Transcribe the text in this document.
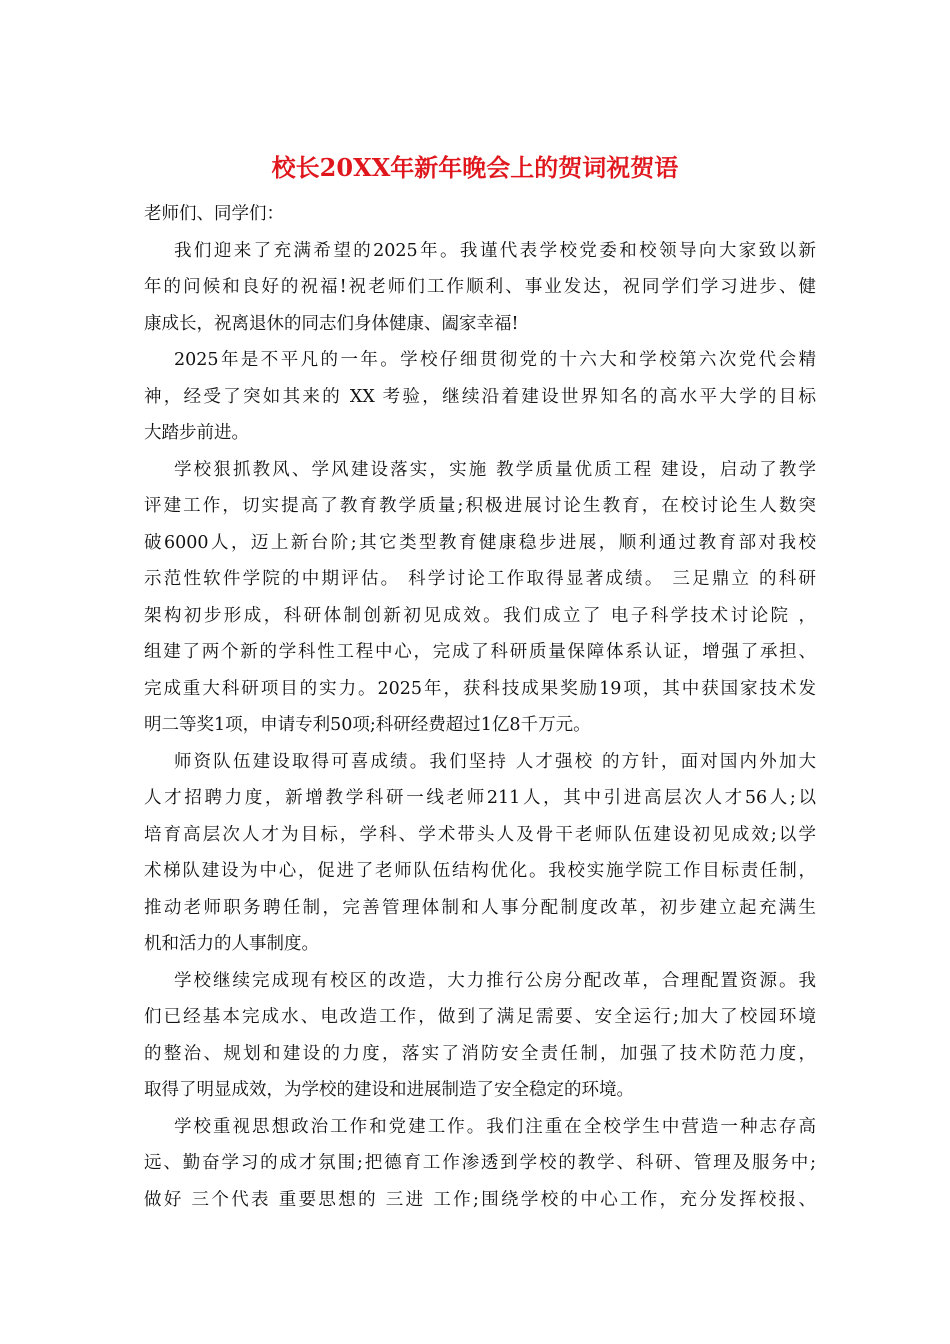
校长20XX年新年晚会上的贺词祝贺语
老师们、同学们：
我们迎来了充满希望的2025年。我谨代表学校党委和校领导向大家致以新
年的问候和良好的祝福!祝老师们工作顺利、事业发达，祝同学们学习进步、健
康成长，祝离退休的同志们身体健康、阖家幸福!
2025年是不平凡的一年。学校仔细贯彻党的十六大和学校第六次党代会精
神，经受了突如其来的 XX 考验，继续沿着建设世界知名的高水平大学的目标
大踏步前进。
学校狠抓教风、学风建设落实，实施 教学质量优质工程 建设，启动了教学
评建工作，切实提高了教育教学质量;积极进展讨论生教育，在校讨论生人数突
破6000人，迈上新台阶;其它类型教育健康稳步进展，顺利通过教育部对我校
示范性软件学院的中期评估。 科学讨论工作取得显著成绩。 三足鼎立 的科研
架构初步形成，科研体制创新初见成效。我们成立了 电子科学技术讨论院 ，
组建了两个新的学科性工程中心，完成了科研质量保障体系认证，增强了承担、
完成重大科研项目的实力。2025年，获科技成果奖励19项，其中获国家技术发
明二等奖1项，申请专利50项;科研经费超过1亿8千万元。
师资队伍建设取得可喜成绩。我们坚持 人才强校 的方针，面对国内外加大
人才招聘力度，新增教学科研一线老师211人，其中引进高层次人才56人;以
培育高层次人才为目标，学科、学术带头人及骨干老师队伍建设初见成效;以学
术梯队建设为中心，促进了老师队伍结构优化。我校实施学院工作目标责任制，
推动老师职务聘任制，完善管理体制和人事分配制度改革，初步建立起充满生
机和活力的人事制度。
学校继续完成现有校区的改造，大力推行公房分配改革，合理配置资源。我
们已经基本完成水、电改造工作，做到了满足需要、安全运行;加大了校园环境
的整治、规划和建设的力度，落实了消防安全责任制，加强了技术防范力度，
取得了明显成效，为学校的建设和进展制造了安全稳定的环境。
学校重视思想政治工作和党建工作。我们注重在全校学生中营造一种志存高
远、勤奋学习的成才氛围;把德育工作渗透到学校的教学、科研、管理及服务中;
做好 三个代表 重要思想的 三进 工作;围绕学校的中心工作，充分发挥校报、
